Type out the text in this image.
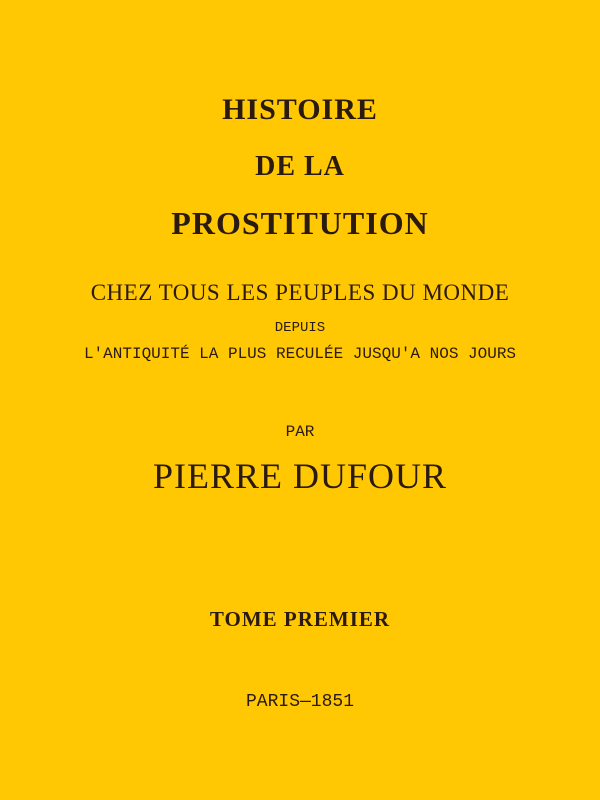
HISTOIRE
DE LA
PROSTITUTION
CHEZ TOUS LES PEUPLES DU MONDE
DEPUIS
L'ANTIQUITÉ LA PLUS RECULÉE JUSQU'A NOS JOURS
PAR
PIERRE DUFOUR
TOME PREMIER
PARIS—1851
